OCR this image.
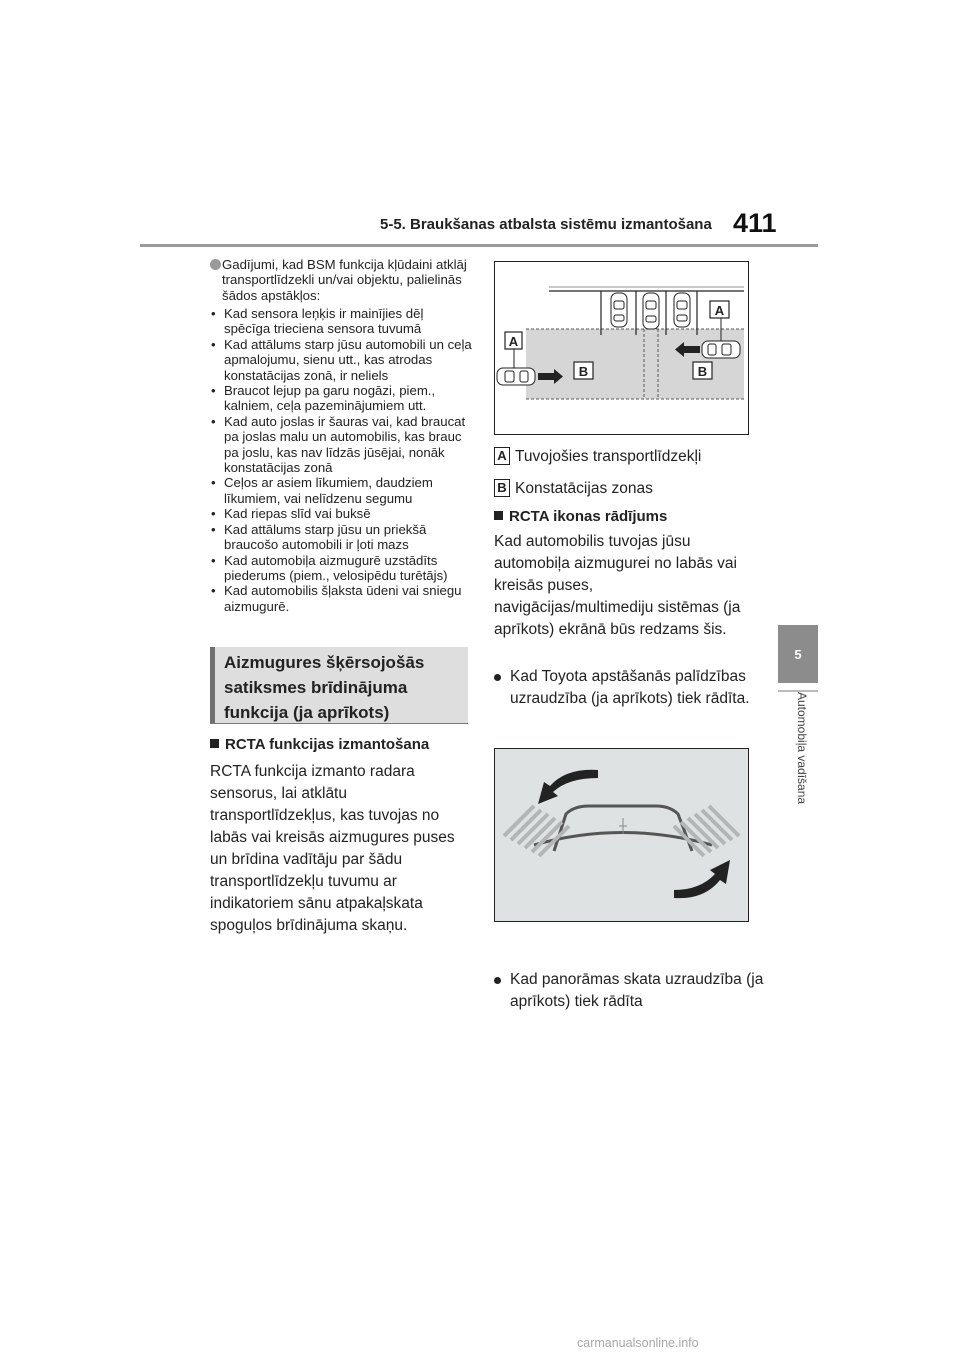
5-5. Braukšanas atbalsta sistēmu izmantošana 411
5
Automobiļa vadīšana
Gadījumi, kad BSM funkcija kļūdaini atklāj transportlīdzekli un/vai objektu, palielinās šādos apstākļos:
• Kad sensora leņķis ir mainījies dēļ spēcīga trieciena sensora tuvumā
• Kad attālums starp jūsu automobili un ceļa apmalojumu, sienu utt., kas atrodas konstatācijas zonā, ir neliels
• Braucot lejup pa garu nogāzi, piem., kalniem, ceļa pazeminājumiem utt.
• Kad auto joslas ir šauras vai, kad braucat pa joslas malu un automobilis, kas brauc pa joslu, kas nav līdzās jūsējai, nonāk konstatācijas zonā
• Ceļos ar asiem līkumiem, daudziem līkumiem, vai nelīdzenu segumu
• Kad riepas slīd vai buksē
• Kad attālums starp jūsu un priekšā braucošo automobili ir ļoti mazs
• Kad automobiļa aizmugurē uzstādīts piederums (piem., velosipēdu turētājs)
• Kad automobilis šļaksta ūdeni vai sniegu aizmugurē.
Aizmugures šķērsojošās satiksmes brīdinājuma funkcija (ja aprīkots)
RCTA funkcijas izmantošana
RCTA funkcija izmanto radara sensorus, lai atklātu transportlīdzekļus, kas tuvojas no labās vai kreisās aizmugures puses un brīdina vadītāju par šādu transportlīdzekļu tuvumu ar indikatoriem sānu atpakaļskata spoguļos brīdinājuma skaņu.
A
A
B	B
A Tuvojošies transportlīdzekļi
B Konstatācijas zonas
RCTA ikonas rādījums
Kad automobilis tuvojas jūsu automobiļa aizmugurei no labās vai kreisās puses, navigācijas/multimediju sistēmas (ja aprīkots) ekrānā būs redzams šis.
Kad Toyota apstāšanās palīdzības uzraudzība (ja aprīkots) tiek rādīta.
Kad panorāmas skata uzraudzība (ja aprīkots) tiek rādīta
carmanualsonline.info
